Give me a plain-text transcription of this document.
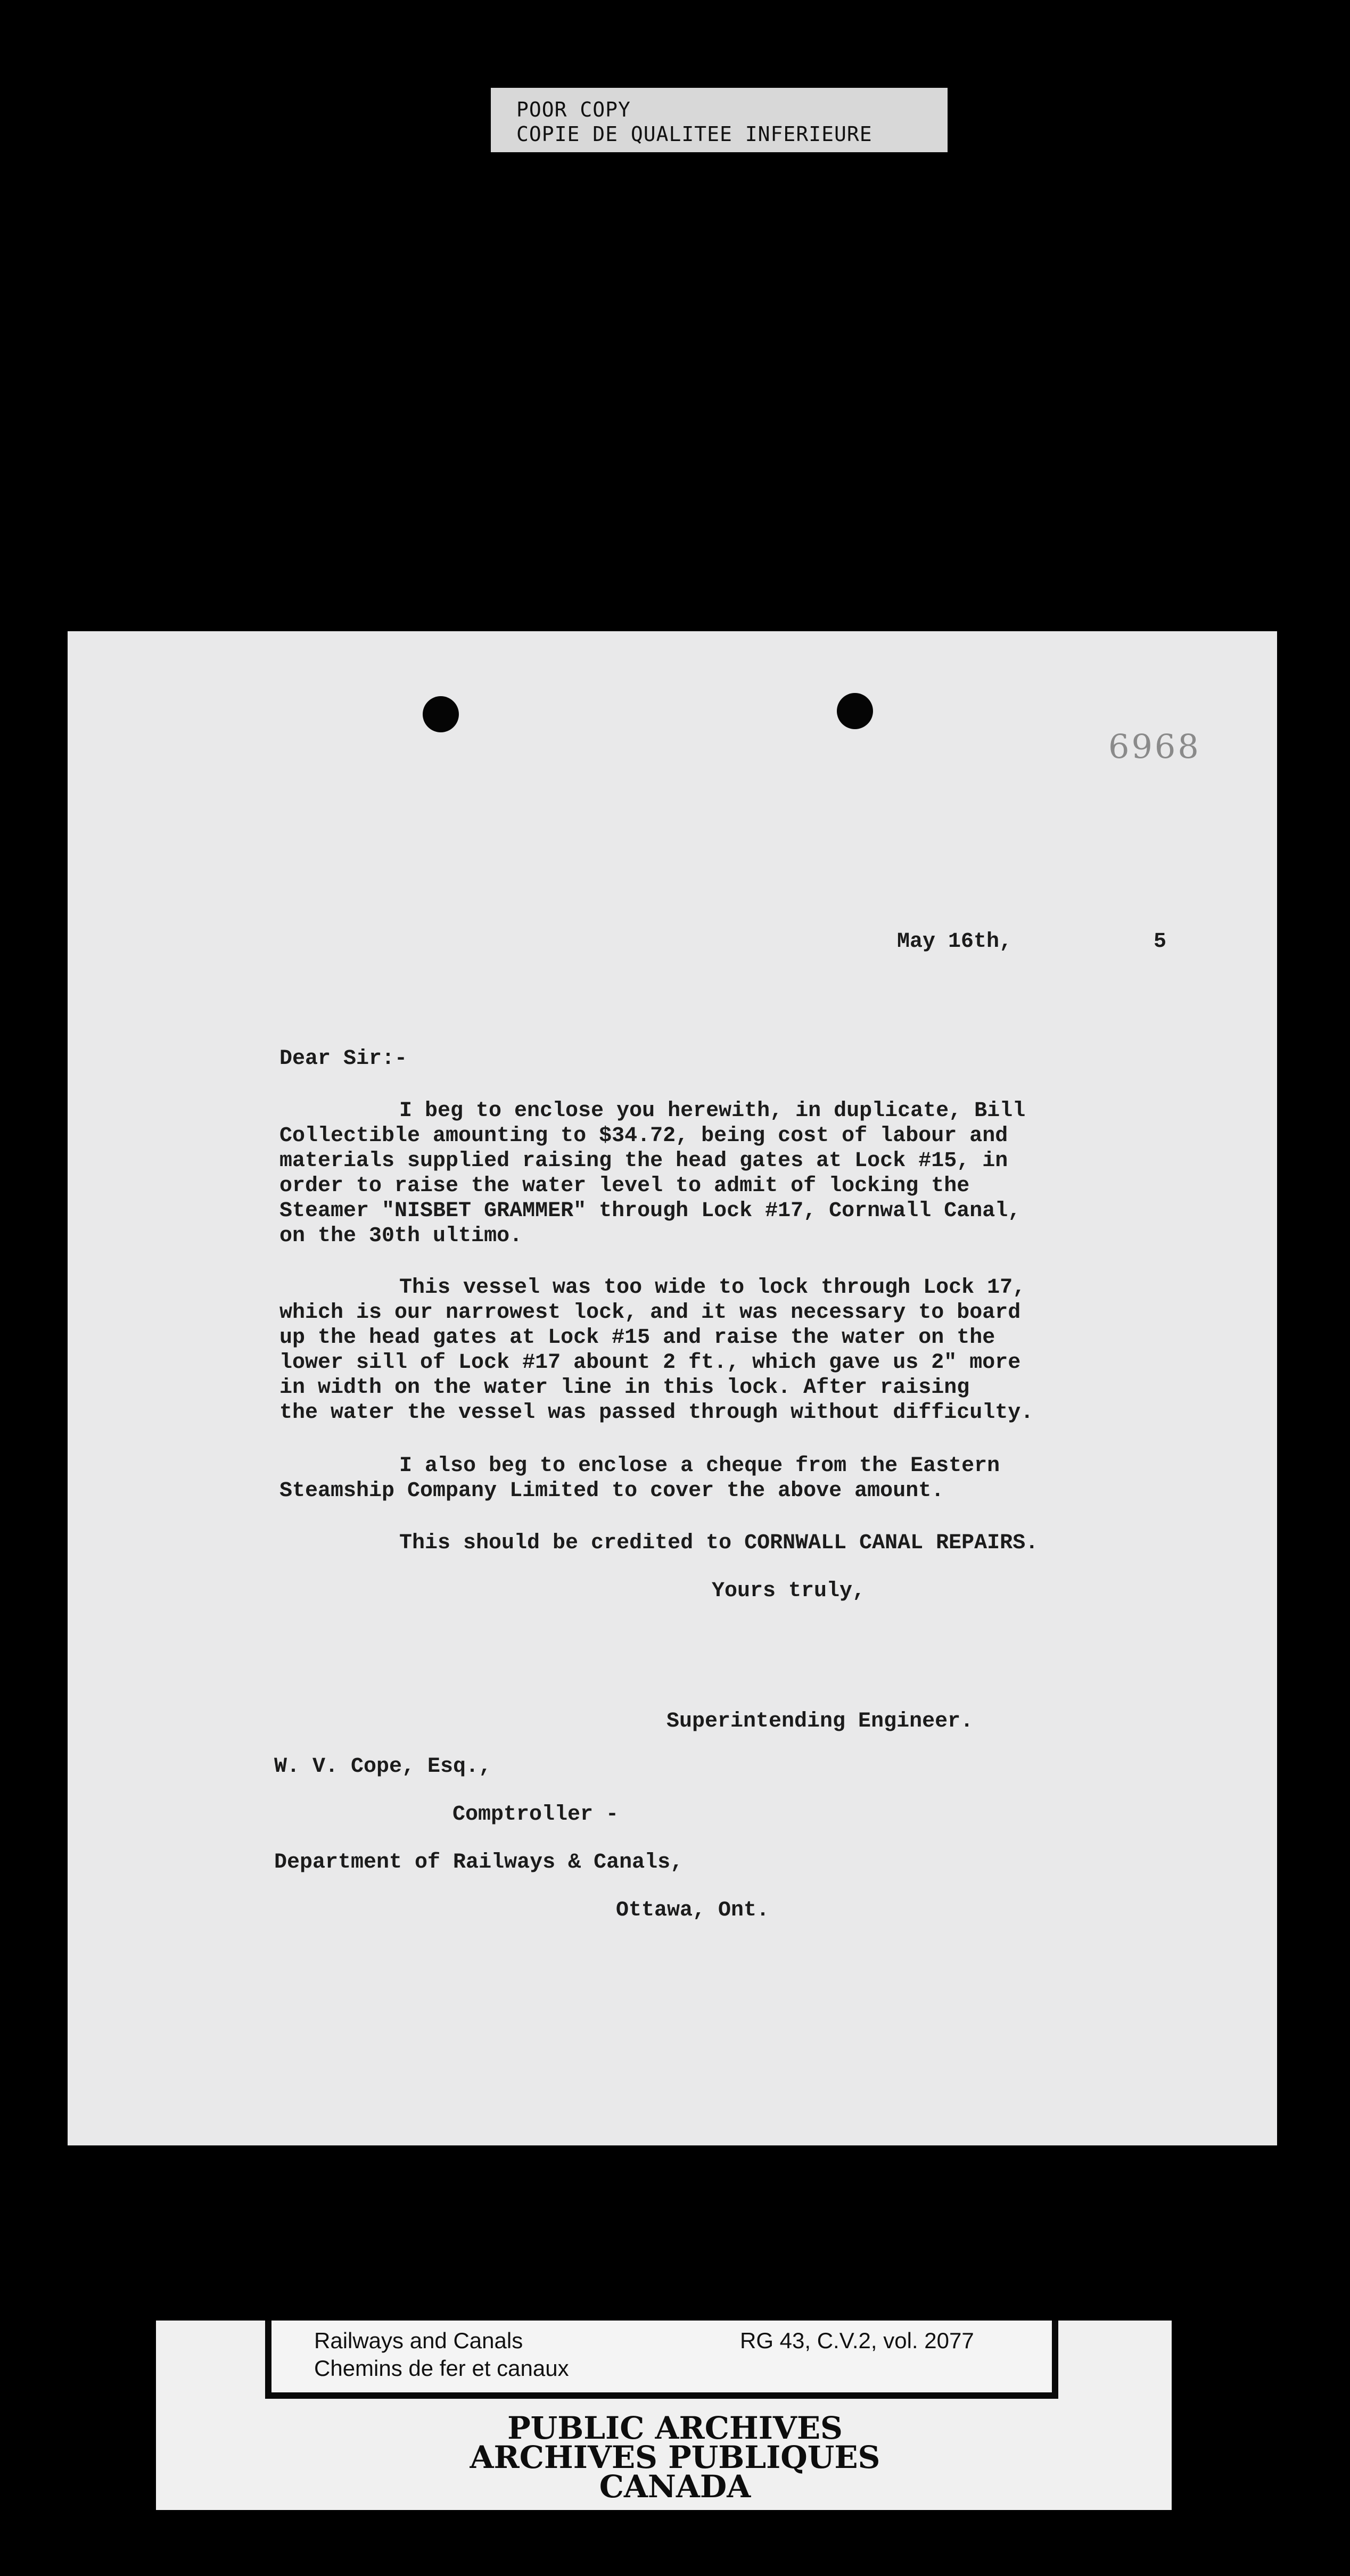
POOR COPY
COPIE DE QUALITEE INFERIEURE
6968
May 16th,	5
Dear Sir:-
I beg to enclose you herewith, in duplicate, Bill
Collectible amounting to $34.72, being cost of labour and
materials supplied raising the head gates at Lock #15, in
order to raise the water level to admit of locking the
Steamer "NISBET GRAMMER" through Lock #17, Cornwall Canal,
on the 30th ultimo.
This vessel was too wide to lock through Lock 17,
which is our narrowest lock, and it was necessary to board
up the head gates at Lock #15 and raise the water on the
lower sill of Lock #17 abount 2 ft., which gave us 2" more
in width on the water line in this lock. After raising
the water the vessel was passed through without difficulty.
I also beg to enclose a cheque from the Eastern
Steamship Company Limited to cover the above amount.
This should be credited to CORNWALL CANAL REPAIRS.
Yours truly,
Superintending Engineer.
W. V. Cope, Esq.,
Comptroller -
Department of Railways & Canals,
Ottawa, Ont.
Railways and Canals
Chemins de fer et canaux
RG 43, C.V.2, vol. 2077
PUBLIC ARCHIVES
ARCHIVES PUBLIQUES
CANADA
